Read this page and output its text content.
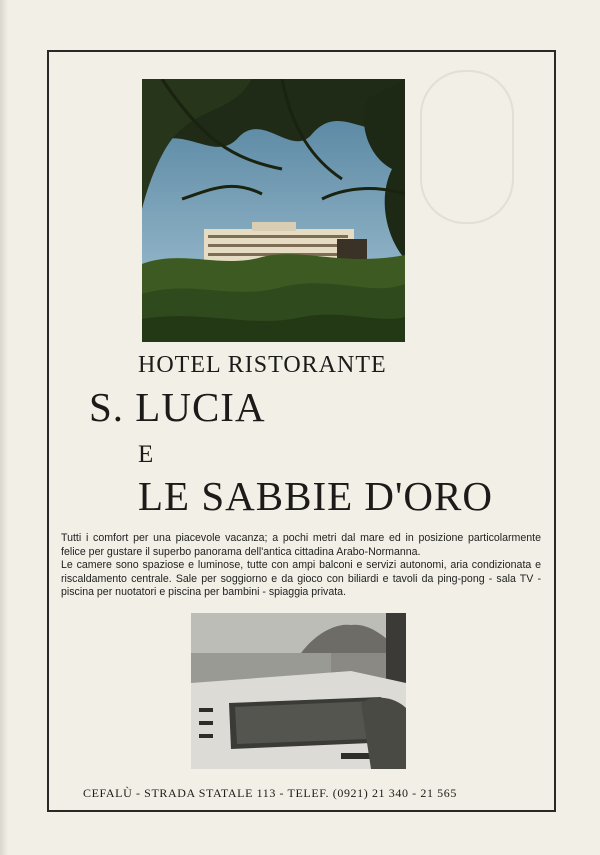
HOTEL RISTORANTE
S. LUCIA
E
LE SABBIE D'ORO

Tutti i comfort per una piacevole vacanza; a pochi metri dal mare ed in posizione particolarmente felice per gustare il superbo panorama dell'antica cittadina Arabo-Normanna.

Le camere sono spaziose e luminose, tutte con ampi balconi e servizi autonomi, aria condizionata e riscaldamento centrale. Sale per soggiorno e da gioco con biliardi e tavoli da ping-pong - sala TV - piscina per nuotatori e piscina per bambini - spiaggia privata.

CEFALÙ - STRADA STATALE 113 - TELEF. (0921) 21 340 - 21 565
